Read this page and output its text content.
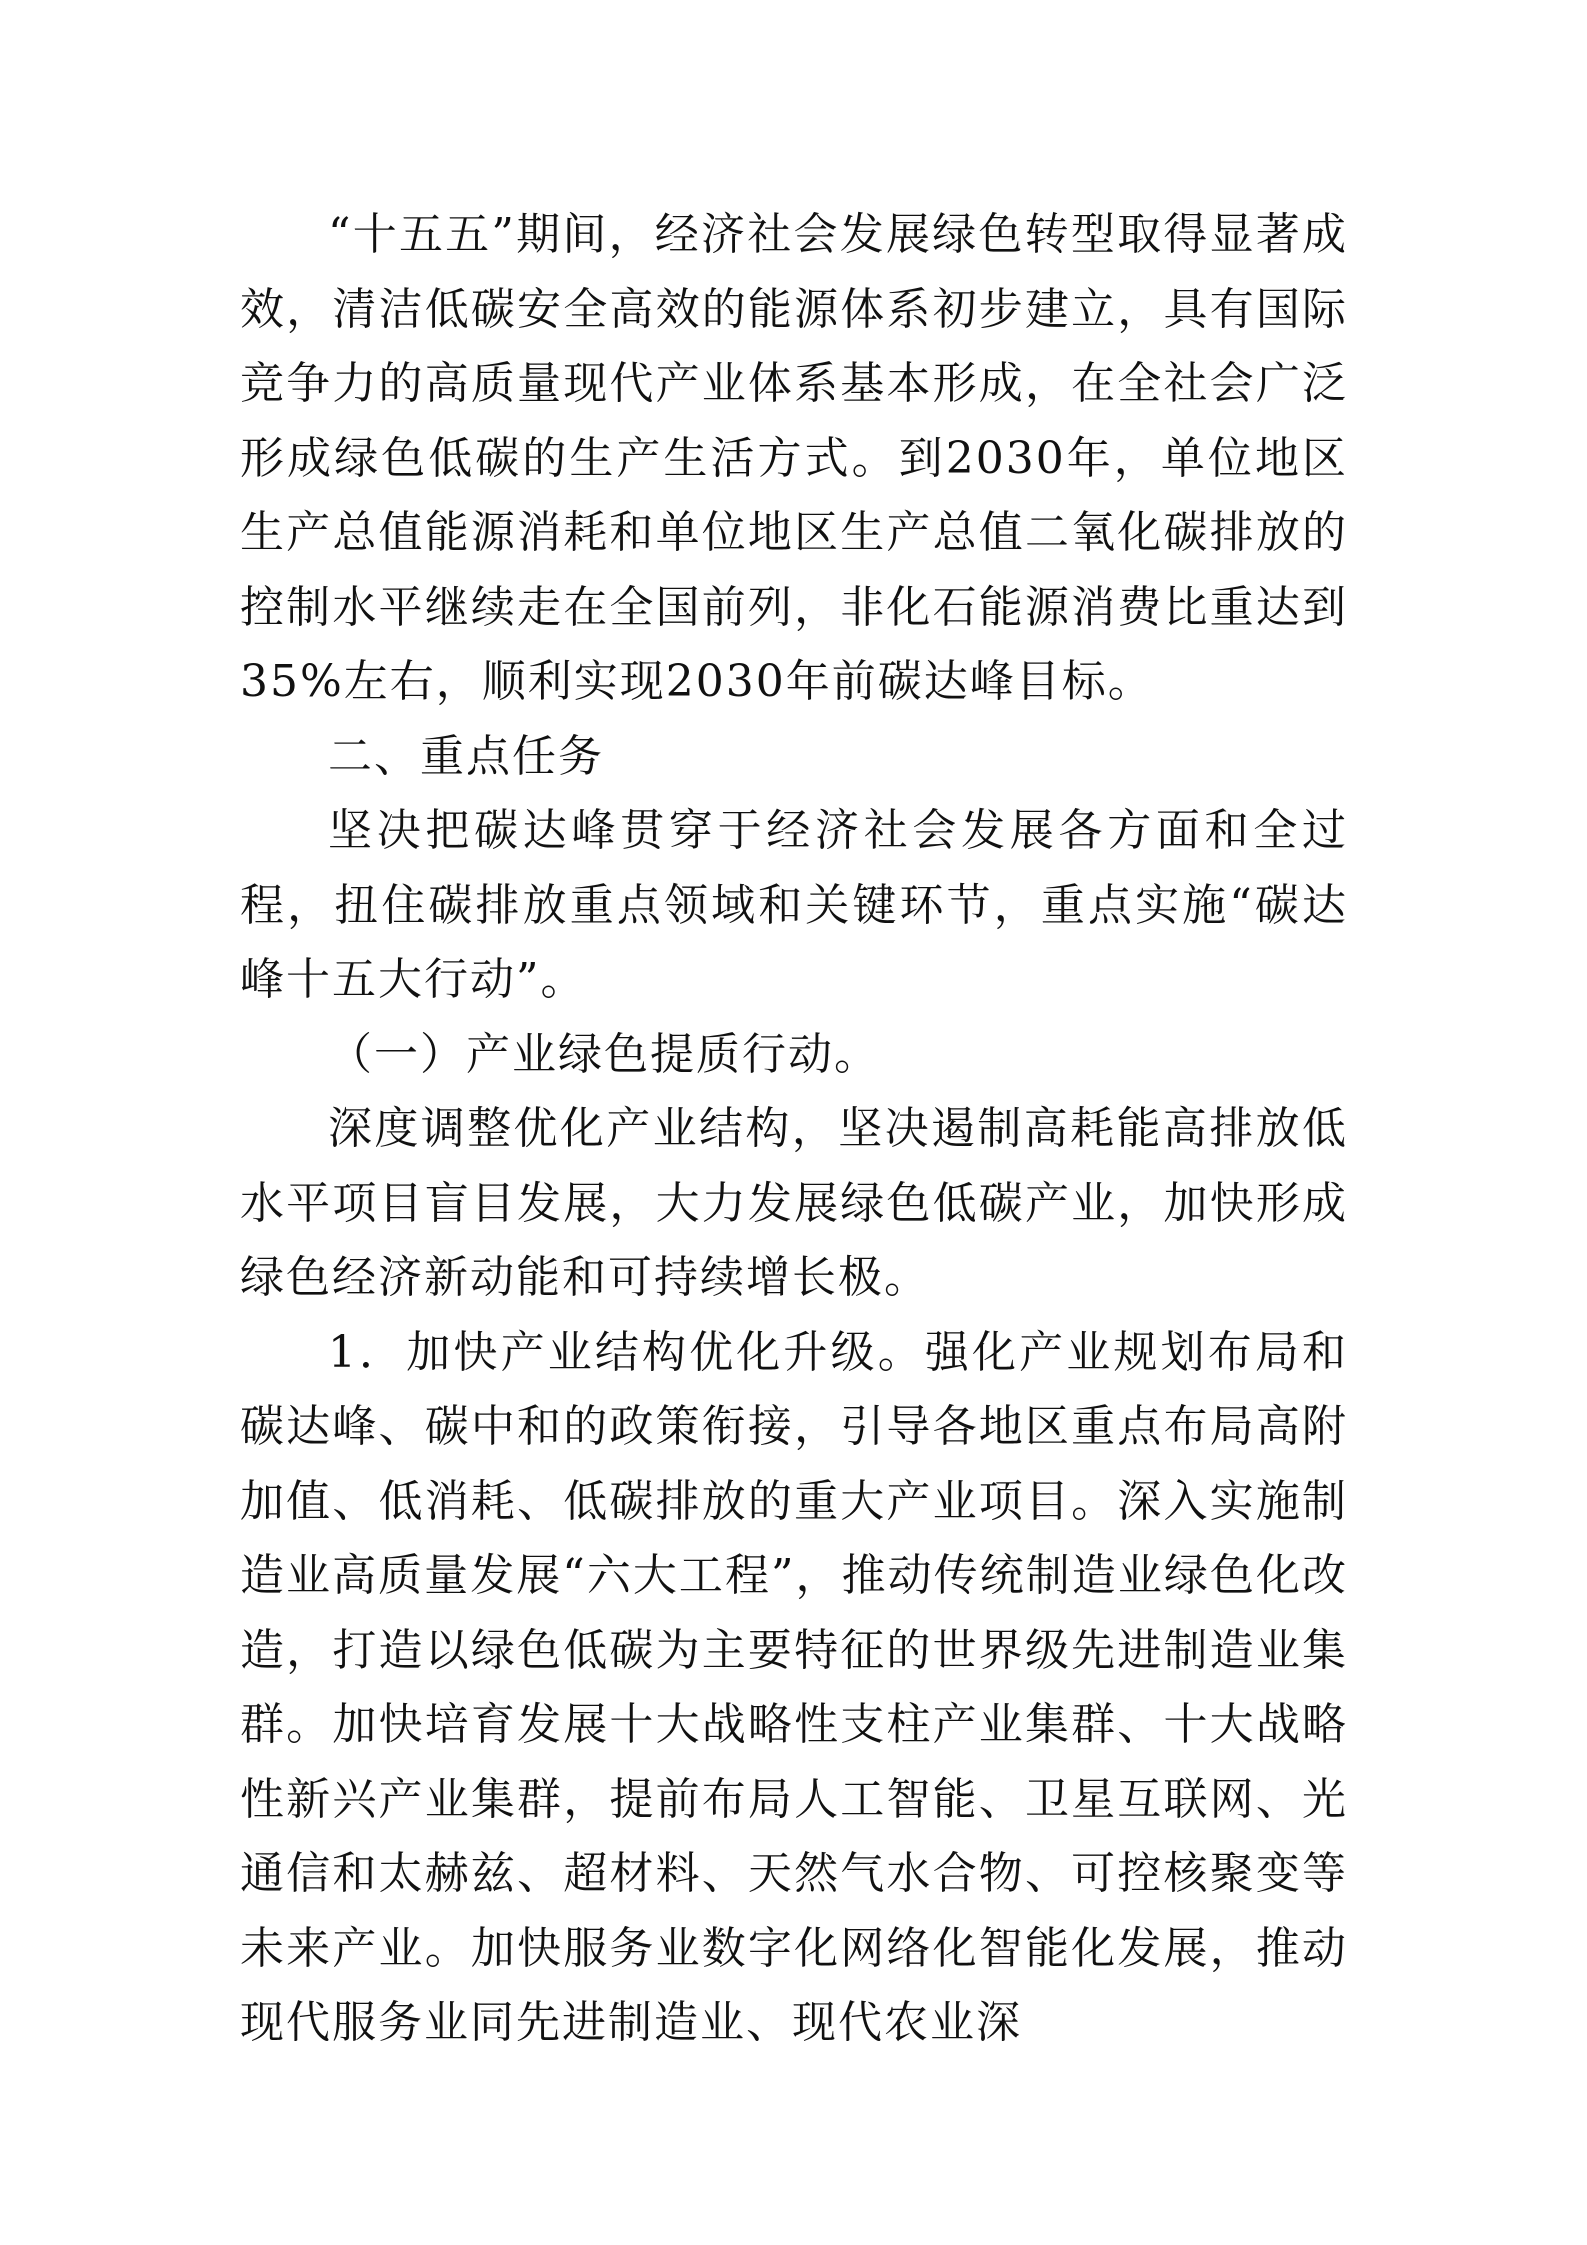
“十五五”期间，经济社会发展绿色转型取得显著成效，清洁低碳安全高效的能源体系初步建立，具有国际竞争力的高质量现代产业体系基本形成，在全社会广泛形成绿色低碳的生产生活方式。到2030年，单位地区生产总值能源消耗和单位地区生产总值二氧化碳排放的控制水平继续走在全国前列，非化石能源消费比重达到35%左右，顺利实现2030年前碳达峰目标。

二、重点任务

坚决把碳达峰贯穿于经济社会发展各方面和全过程，扭住碳排放重点领域和关键环节，重点实施“碳达峰十五大行动”。

（一）产业绿色提质行动。

深度调整优化产业结构，坚决遏制高耗能高排放低水平项目盲目发展，大力发展绿色低碳产业，加快形成绿色经济新动能和可持续增长极。

1．加快产业结构优化升级。强化产业规划布局和碳达峰、碳中和的政策衔接，引导各地区重点布局高附加值、低消耗、低碳排放的重大产业项目。深入实施制造业高质量发展“六大工程”，推动传统制造业绿色化改造，打造以绿色低碳为主要特征的世界级先进制造业集群。加快培育发展十大战略性支柱产业集群、十大战略性新兴产业集群，提前布局人工智能、卫星互联网、光通信和太赫兹、超材料、天然气水合物、可控核聚变等未来产业。加快服务业数字化网络化智能化发展，推动现代服务业同先进制造业、现代农业深
